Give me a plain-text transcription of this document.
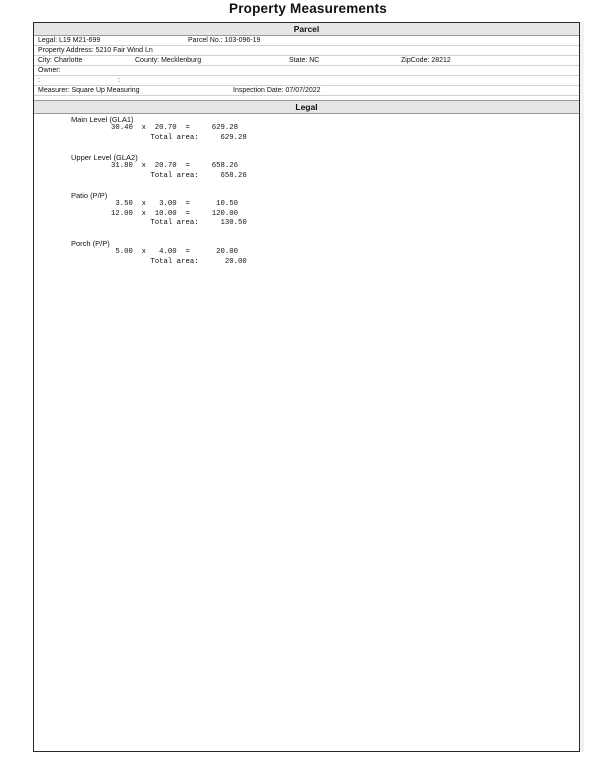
Property Measurements
Parcel
Legal: L19 M21-699	Parcel No.: 103-096-19
Property Address: 5210 Fair Wind Ln
City: Charlotte	County: Mecklenburg	State: NC	ZipCode: 28212
Owner:
:	:
Measurer: Square Up Measuring	Inspection Date: 07/07/2022
Legal
Main Level (GLA1)
30.40  x  20.70  =     629.28
Total area:     629.28
Upper Level (GLA2)
31.80  x  20.70  =     658.26
Total area:     658.26
Patio (P/P)
3.50  x   3.00  =      10.50
12.00  x  10.00  =     120.00
Total area:     130.50
Porch (P/P)
5.00  x   4.00  =      20.00
Total area:      20.00
